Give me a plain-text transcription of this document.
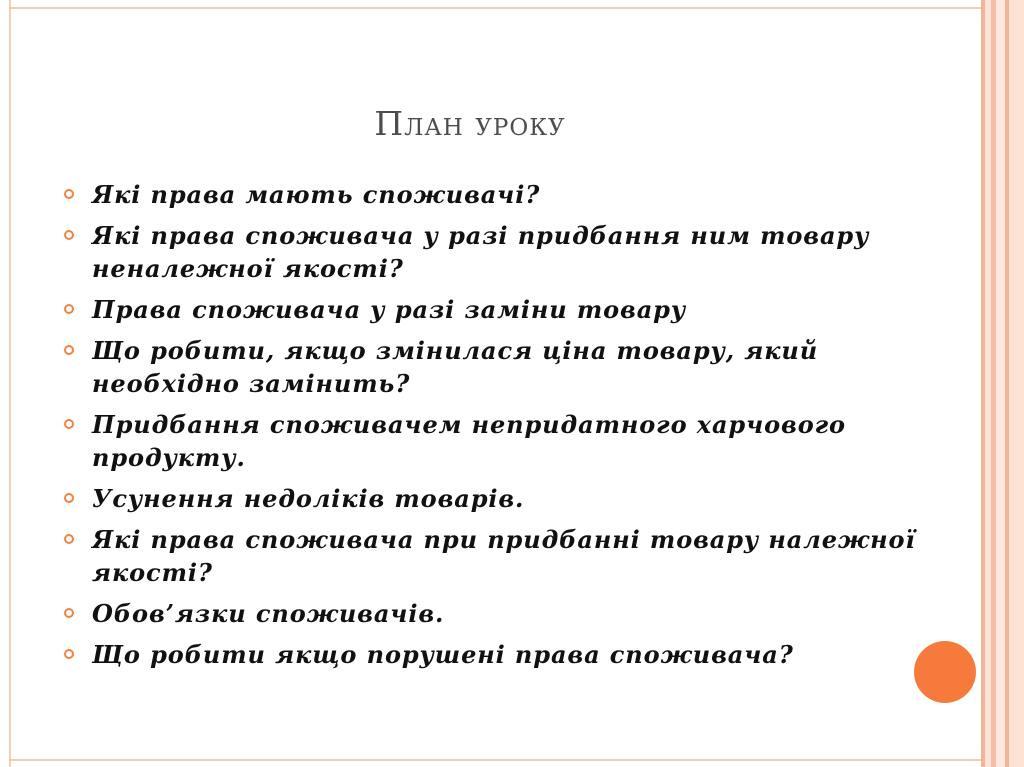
План уроку
Які права мають споживачі?
Які права споживача у разі придбання ним товару неналежної якості?
Права споживача у разі заміни товару
Що робити, якщо змінилася ціна товару, який необхідно замінить?
Придбання споживачем непридатного харчового продукту.
Усунення недоліків товарів.
Які права споживача при придбанні товару належної якості?
Обов’язки споживачів.
Що робити якщо порушені права споживача?
